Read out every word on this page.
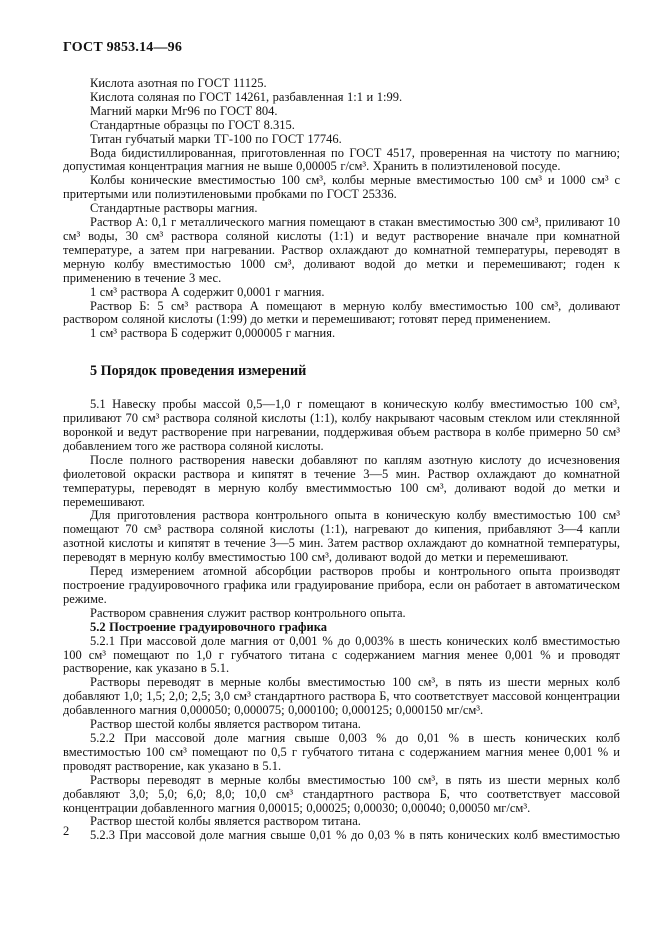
ГОСТ 9853.14—96

Кислота азотная по ГОСТ 11125.

Кислота соляная по ГОСТ 14261, разбавленная 1:1 и 1:99.

Магний марки Мг96 по ГОСТ 804.

Стандартные образцы по ГОСТ 8.315.

Титан губчатый марки ТГ-100 по ГОСТ 17746.

Вода бидистиллированная, приготовленная по ГОСТ 4517, проверенная на чистоту по магнию; допустимая концентрация магния не выше 0,00005 г/см³. Хранить в полиэтиленовой посуде.

Колбы конические вместимостью 100 см³, колбы мерные вместимостью 100 см³ и 1000 см³ с притертыми или полиэтиленовыми пробками по ГОСТ 25336.

Стандартные растворы магния.

Раствор А: 0,1 г металлического магния помещают в стакан вместимостью 300 см³, приливают 10 см³ воды, 30 см³ раствора соляной кислоты (1:1) и ведут растворение вначале при комнатной температуре, а затем при нагревании. Раствор охлаждают до комнатной температуры, переводят в мерную колбу вместимостью 1000 см³, доливают водой до метки и перемешивают; годен к применению в течение 3 мес.

1 см³ раствора А содержит 0,0001 г магния.

Раствор Б: 5 см³ раствора А помещают в мерную колбу вместимостью 100 см³, доливают раствором соляной кислоты (1:99) до метки и перемешивают; готовят перед применением.

1 см³ раствора Б содержит 0,000005 г магния.

5 Порядок проведения измерений

5.1 Навеску пробы массой 0,5—1,0 г помещают в коническую колбу вместимостью 100 см³, приливают 70 см³ раствора соляной кислоты (1:1), колбу накрывают часовым стеклом или стеклянной воронкой и ведут растворение при нагревании, поддерживая объем раствора в колбе примерно 50 см³ добавлением того же раствора соляной кислоты.

После полного растворения навески добавляют по каплям азотную кислоту до исчезновения фиолетовой окраски раствора и кипятят в течение 3—5 мин. Раствор охлаждают до комнатной температуры, переводят в мерную колбу вместиммостью 100 см³, доливают водой до метки и перемешивают.

Для приготовления раствора контрольного опыта в коническую колбу вместимостью 100 см³ помещают 70 см³ раствора соляной кислоты (1:1), нагревают до кипения, прибавляют 3—4 капли азотной кислоты и кипятят в течение 3—5 мин. Затем раствор охлаждают до комнатной температуры, переводят в мерную колбу вместимостью 100 см³, доливают водой до метки и перемешивают.

Перед измерением атомной абсорбции растворов пробы и контрольного опыта производят построение градуировочного графика или градуирование прибора, если он работает в автоматическом режиме.

Раствором сравнения служит раствор контрольного опыта.

5.2 Построение градуировочного графика

5.2.1 При массовой доле магния от 0,001 % до 0,003% в шесть конических колб вместимостью 100 см³ помещают по 1,0 г губчатого титана с содержанием магния менее 0,001 % и проводят растворение, как указано в 5.1.

Растворы переводят в мерные колбы вместимостью 100 см³, в пять из шести мерных колб добавляют 1,0; 1,5; 2,0; 2,5; 3,0 см³ стандартного раствора Б, что соответствует массовой концентрации добавленного магния 0,000050; 0,000075; 0,000100; 0,000125; 0,000150 мг/см³.

Раствор шестой колбы является раствором титана.

5.2.2 При массовой доле магния свыше 0,003 % до 0,01 % в шесть конических колб вместимостью 100 см³ помещают по 0,5 г губчатого титана с содержанием магния менее 0,001 % и проводят растворение, как указано в 5.1.

Растворы переводят в мерные колбы вместимостью 100 см³, в пять из шести мерных колб добавляют 3,0; 5,0; 6,0; 8,0; 10,0 см³ стандартного раствора Б, что соответствует массовой концентрации добавленного магния 0,00015; 0,00025; 0,00030; 0,00040; 0,00050 мг/см³.

Раствор шестой колбы является раствором титана.

5.2.3 При массовой доле магния свыше 0,01 % до 0,03 % в пять конических колб вместимостью

2
